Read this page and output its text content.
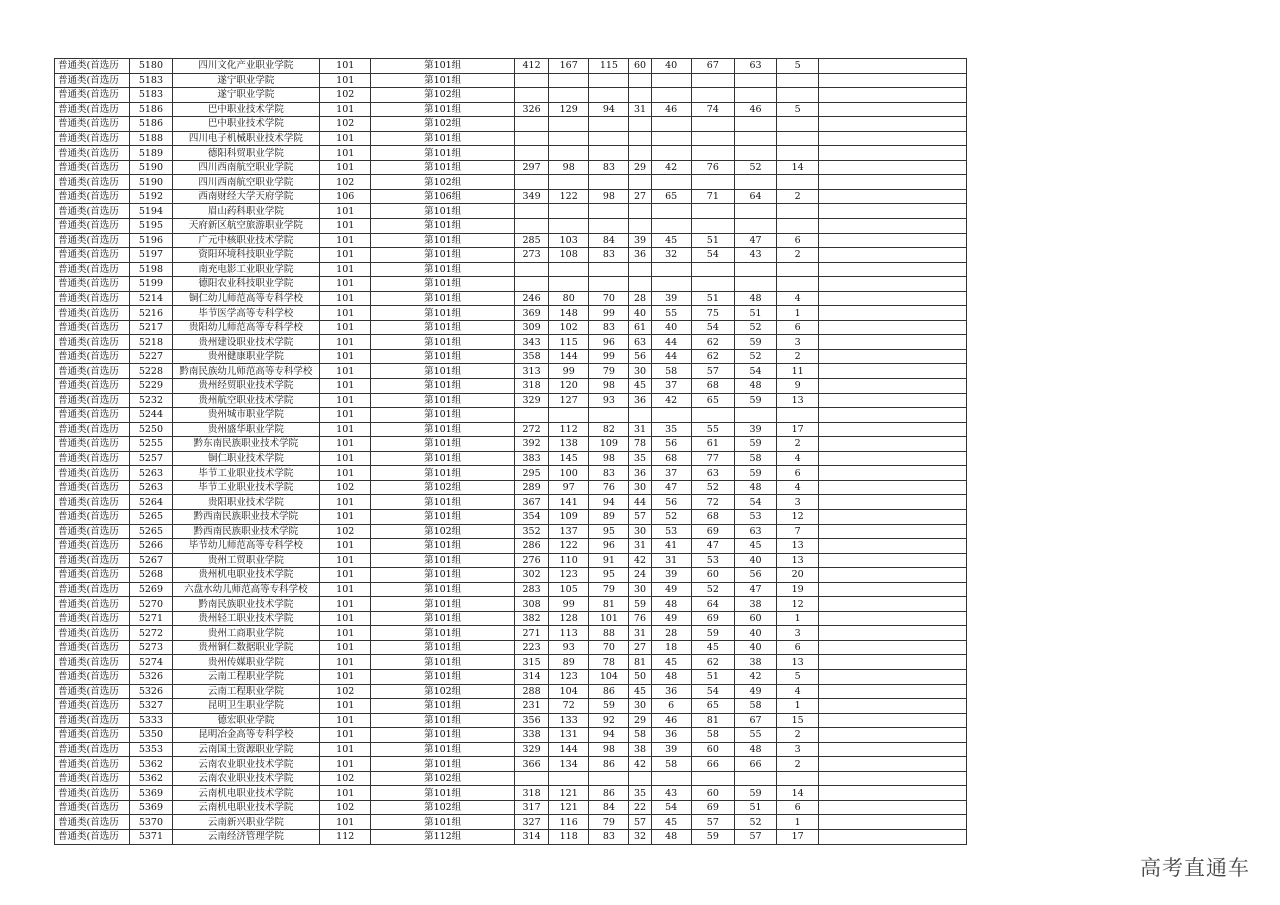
普通类(首选历	5180	四川文化产业职业学院	101	第101组	412	167	115	60	40	67	63	5	
普通类(首选历	5183	遂宁职业学院	101	第101组									
普通类(首选历	5183	遂宁职业学院	102	第102组									
普通类(首选历	5186	巴中职业技术学院	101	第101组	326	129	94	31	46	74	46	5	
普通类(首选历	5186	巴中职业技术学院	102	第102组									
普通类(首选历	5188	四川电子机械职业技术学院	101	第101组									
普通类(首选历	5189	德阳科贸职业学院	101	第101组									
普通类(首选历	5190	四川西南航空职业学院	101	第101组	297	98	83	29	42	76	52	14	
普通类(首选历	5190	四川西南航空职业学院	102	第102组									
普通类(首选历	5192	西南财经大学天府学院	106	第106组	349	122	98	27	65	71	64	2	
普通类(首选历	5194	眉山药科职业学院	101	第101组									
普通类(首选历	5195	天府新区航空旅游职业学院	101	第101组									
普通类(首选历	5196	广元中核职业技术学院	101	第101组	285	103	84	39	45	51	47	6	
普通类(首选历	5197	资阳环境科技职业学院	101	第101组	273	108	83	36	32	54	43	2	
普通类(首选历	5198	南充电影工业职业学院	101	第101组									
普通类(首选历	5199	德阳农业科技职业学院	101	第101组									
普通类(首选历	5214	铜仁幼儿师范高等专科学校	101	第101组	246	80	70	28	39	51	48	4	
普通类(首选历	5216	毕节医学高等专科学校	101	第101组	369	148	99	40	55	75	51	1	
普通类(首选历	5217	贵阳幼儿师范高等专科学校	101	第101组	309	102	83	61	40	54	52	6	
普通类(首选历	5218	贵州建设职业技术学院	101	第101组	343	115	96	63	44	62	59	3	
普通类(首选历	5227	贵州健康职业学院	101	第101组	358	144	99	56	44	62	52	2	
普通类(首选历	5228	黔南民族幼儿师范高等专科学校	101	第101组	313	99	79	30	58	57	54	11	
普通类(首选历	5229	贵州经贸职业技术学院	101	第101组	318	120	98	45	37	68	48	9	
普通类(首选历	5232	贵州航空职业技术学院	101	第101组	329	127	93	36	42	65	59	13	
普通类(首选历	5244	贵州城市职业学院	101	第101组									
普通类(首选历	5250	贵州盛华职业学院	101	第101组	272	112	82	31	35	55	39	17	
普通类(首选历	5255	黔东南民族职业技术学院	101	第101组	392	138	109	78	56	61	59	2	
普通类(首选历	5257	铜仁职业技术学院	101	第101组	383	145	98	35	68	77	58	4	
普通类(首选历	5263	毕节工业职业技术学院	101	第101组	295	100	83	36	37	63	59	6	
普通类(首选历	5263	毕节工业职业技术学院	102	第102组	289	97	76	30	47	52	48	4	
普通类(首选历	5264	贵阳职业技术学院	101	第101组	367	141	94	44	56	72	54	3	
普通类(首选历	5265	黔西南民族职业技术学院	101	第101组	354	109	89	57	52	68	53	12	
普通类(首选历	5265	黔西南民族职业技术学院	102	第102组	352	137	95	30	53	69	63	7	
普通类(首选历	5266	毕节幼儿师范高等专科学校	101	第101组	286	122	96	31	41	47	45	13	
普通类(首选历	5267	贵州工贸职业学院	101	第101组	276	110	91	42	31	53	40	13	
普通类(首选历	5268	贵州机电职业技术学院	101	第101组	302	123	95	24	39	60	56	20	
普通类(首选历	5269	六盘水幼儿师范高等专科学校	101	第101组	283	105	79	30	49	52	47	19	
普通类(首选历	5270	黔南民族职业技术学院	101	第101组	308	99	81	59	48	64	38	12	
普通类(首选历	5271	贵州轻工职业技术学院	101	第101组	382	128	101	76	49	69	60	1	
普通类(首选历	5272	贵州工商职业学院	101	第101组	271	113	88	31	28	59	40	3	
普通类(首选历	5273	贵州铜仁数据职业学院	101	第101组	223	93	70	27	18	45	40	6	
普通类(首选历	5274	贵州传媒职业学院	101	第101组	315	89	78	81	45	62	38	13	
普通类(首选历	5326	云南工程职业学院	101	第101组	314	123	104	50	48	51	42	5	
普通类(首选历	5326	云南工程职业学院	102	第102组	288	104	86	45	36	54	49	4	
普通类(首选历	5327	昆明卫生职业学院	101	第101组	231	72	59	30	6	65	58	1	
普通类(首选历	5333	德宏职业学院	101	第101组	356	133	92	29	46	81	67	15	
普通类(首选历	5350	昆明冶金高等专科学校	101	第101组	338	131	94	58	36	58	55	2	
普通类(首选历	5353	云南国土资源职业学院	101	第101组	329	144	98	38	39	60	48	3	
普通类(首选历	5362	云南农业职业技术学院	101	第101组	366	134	86	42	58	66	66	2	
普通类(首选历	5362	云南农业职业技术学院	102	第102组									
普通类(首选历	5369	云南机电职业技术学院	101	第101组	318	121	86	35	43	60	59	14	
普通类(首选历	5369	云南机电职业技术学院	102	第102组	317	121	84	22	54	69	51	6	
普通类(首选历	5370	云南新兴职业学院	101	第101组	327	116	79	57	45	57	52	1	
普通类(首选历	5371	云南经济管理学院	112	第112组	314	118	83	32	48	59	57	17	
高考直通车
